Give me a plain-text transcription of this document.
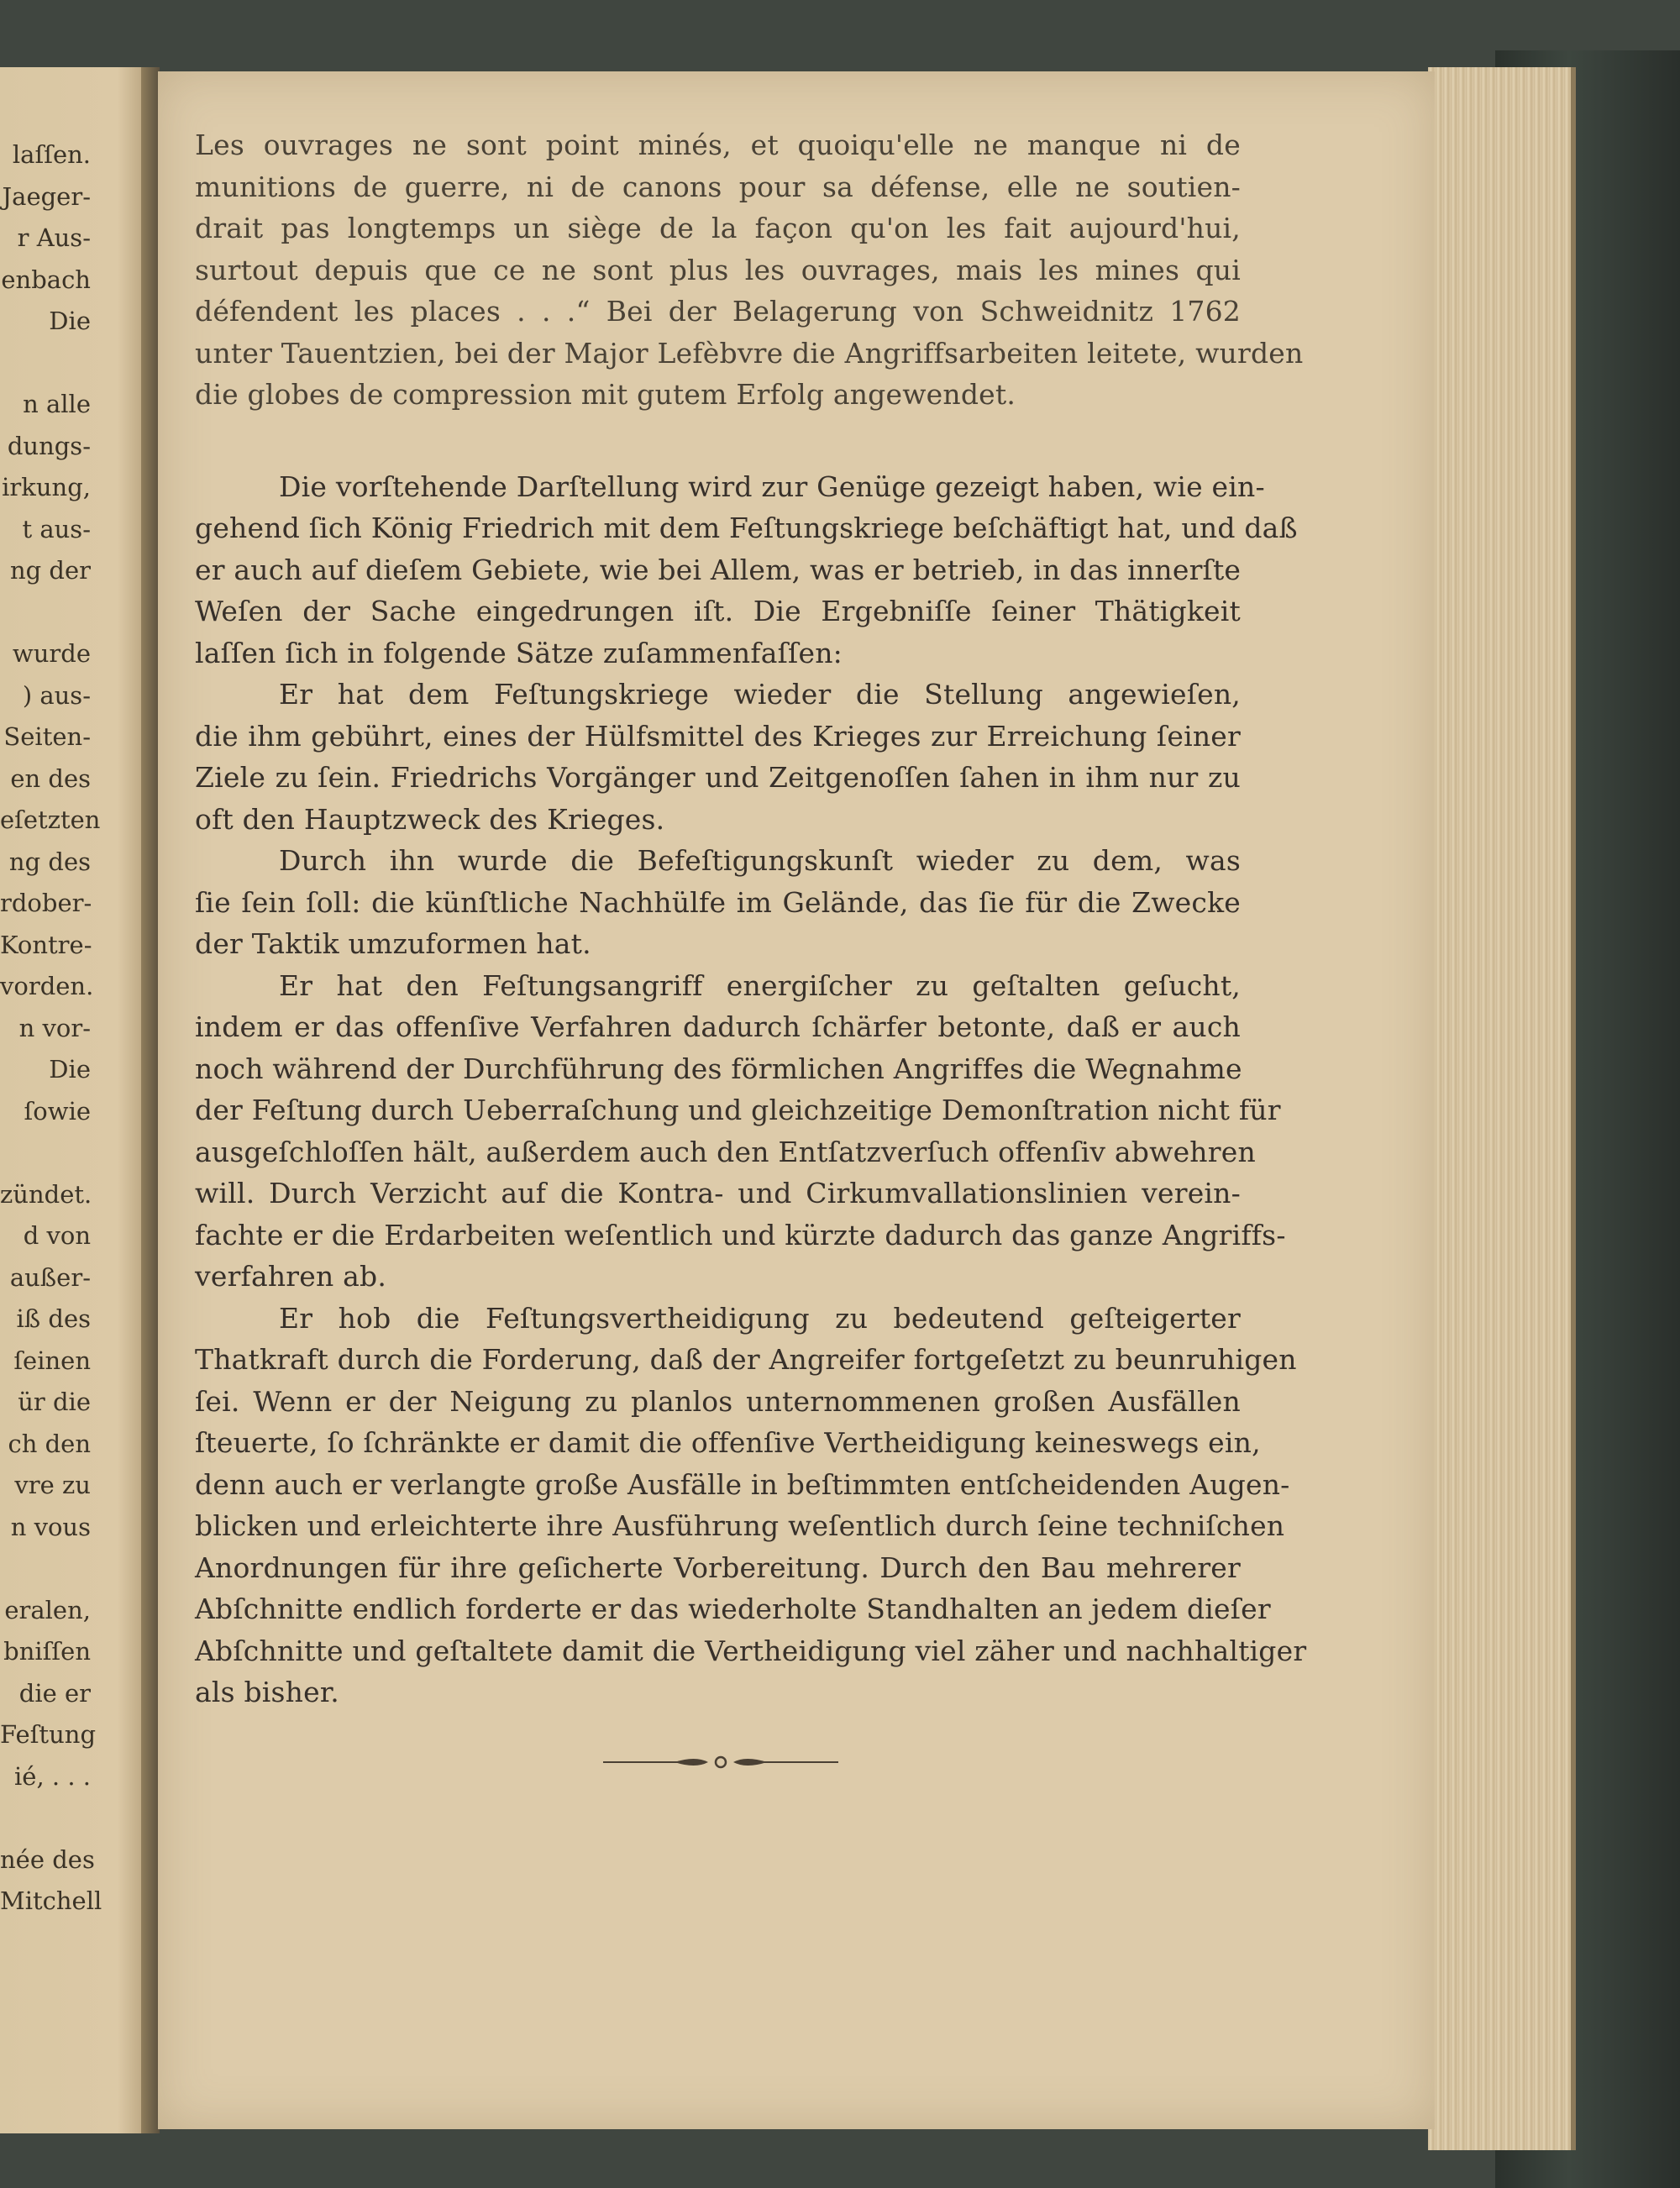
laſſen.
Jaeger-
r Aus-
enbach
Die
n alle
dungs-
irkung,
t aus-
ng der
wurde
) aus-
Seiten-
en des
eſetzten
ng des
rdober-
Kontre-
vorden.
n vor-
Die
ſowie
zündet.
d von
außer-
iß des
ſeinen
ür die
ch den
vre zu
n vous
eralen,
bniſſen
die er
Feſtung
ié, . . .
née des
Mitchell
Les ouvrages ne sont point minés, et quoiqu'elle ne manque ni de
munitions de guerre, ni de canons pour sa défense, elle ne soutien-
drait pas longtemps un siège de la façon qu'on les fait aujourd'hui,
surtout depuis que ce ne sont plus les ouvrages, mais les mines qui
défendent les places . . .“ Bei der Belagerung von Schweidnitz 1762
unter Tauentzien, bei der Major Lefèbvre die Angriffsarbeiten leitete, wurden
die globes de compression mit gutem Erfolg angewendet.
Die vorſtehende Darſtellung wird zur Genüge gezeigt haben, wie ein-
gehend ſich König Friedrich mit dem Feſtungskriege beſchäftigt hat, und daß
er auch auf dieſem Gebiete, wie bei Allem, was er betrieb, in das innerſte
Weſen der Sache eingedrungen iſt. Die Ergebniſſe ſeiner Thätigkeit
laſſen ſich in folgende Sätze zuſammenfaſſen:
Er hat dem Feſtungskriege wieder die Stellung angewieſen,
die ihm gebührt, eines der Hülfsmittel des Krieges zur Erreichung ſeiner
Ziele zu ſein. Friedrichs Vorgänger und Zeitgenoſſen ſahen in ihm nur zu
oft den Hauptzweck des Krieges.
Durch ihn wurde die Befeſtigungskunſt wieder zu dem, was
ſie ſein ſoll: die künſtliche Nachhülfe im Gelände, das ſie für die Zwecke
der Taktik umzuformen hat.
Er hat den Feſtungsangriff energiſcher zu geſtalten geſucht,
indem er das offenſive Verfahren dadurch ſchärfer betonte, daß er auch
noch während der Durchführung des förmlichen Angriffes die Wegnahme
der Feſtung durch Ueberraſchung und gleichzeitige Demonſtration nicht für
ausgeſchloſſen hält, außerdem auch den Entſatzverſuch offenſiv abwehren
will. Durch Verzicht auf die Kontra- und Cirkumvallationslinien verein-
fachte er die Erdarbeiten weſentlich und kürzte dadurch das ganze Angriffs-
verfahren ab.
Er hob die Feſtungsvertheidigung zu bedeutend geſteigerter
Thatkraft durch die Forderung, daß der Angreifer fortgeſetzt zu beunruhigen
ſei. Wenn er der Neigung zu planlos unternommenen großen Ausfällen
ſteuerte, ſo ſchränkte er damit die offenſive Vertheidigung keineswegs ein,
denn auch er verlangte große Ausfälle in beſtimmten entſcheidenden Augen-
blicken und erleichterte ihre Ausführung weſentlich durch ſeine techniſchen
Anordnungen für ihre geſicherte Vorbereitung. Durch den Bau mehrerer
Abſchnitte endlich forderte er das wiederholte Standhalten an jedem dieſer
Abſchnitte und geſtaltete damit die Vertheidigung viel zäher und nachhaltiger
als bisher.
